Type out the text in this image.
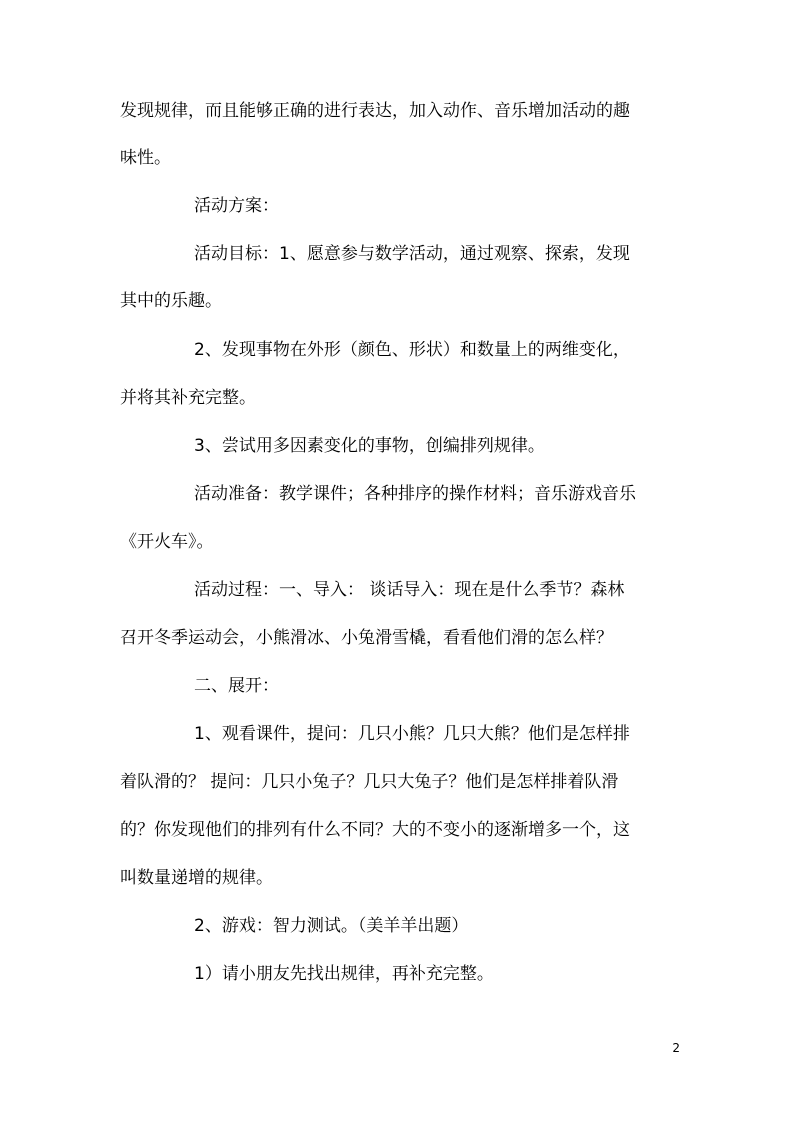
发现规律，而且能够正确的进行表达，加入动作、音乐增加活动的趣
味性。
活动方案：
活动目标：1、愿意参与数学活动，通过观察、探索，发现
其中的乐趣。
2、发现事物在外形（颜色、形状）和数量上的两维变化，
并将其补充完整。
3、尝试用多因素变化的事物，创编排列规律。
活动准备：教学课件；各种排序的操作材料；音乐游戏音乐
《开火车》。
活动过程：一、导入： 谈话导入：现在是什么季节？森林
召开冬季运动会，小熊滑冰、小兔滑雪橇，看看他们滑的怎么样？
二、展开：
1、观看课件，提问：几只小熊？几只大熊？他们是怎样排
着队滑的？ 提问：几只小兔子？几只大兔子？他们是怎样排着队滑
的？你发现他们的排列有什么不同？大的不变小的逐渐增多一个，这
叫数量递增的规律。
2、游戏：智力测试。（美羊羊出题）
1）请小朋友先找出规律，再补充完整。
2
